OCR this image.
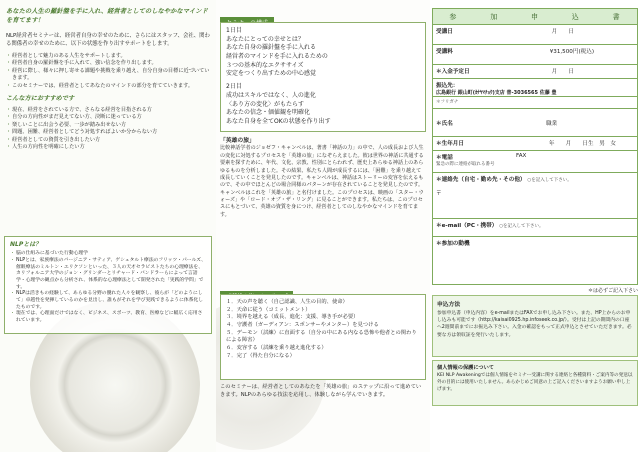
あなたの人生の羅針盤を手に入れ、経営者としてのしなやかなマインドを育てます！
NLP経営者セミナーは、経営者自身の幸せのために、さらにはスタッフ、会社、関わる関係者の幸せのために、以下の状態を作り出すサポートをします。
・ 経営者として魅力のある人生をサポートします。
・ 経営者自身の羅針盤を手に入れて、強い信念を作り出します。
・ 経営に際し、様々に押し寄せる課題や挑戦を乗り越え、自分自身の目標に近づいていきます。
・ このセミナーでは、経営者としてあなたのマインドの部分を育てていきます。
こんな方におすすめです
・ 現在、経営をされている方で、さらなる経営を目指される方
・ 自分の方向性がまだ見えてない方、決断に迷っている方
・ 楽しいことに出会う必要、一歩が踏み出せない方
・ 問題、困難、経営者としてどう対処すればよいか分からない方
・ 経営者としての資質を引き出したい方
・ 人生の方向性を明確にしたい方
NLPとは？
・ 脳の仕組みに基づいた行動心理学
・ NLPとは、家族療法のバージニア・サティア、ゲシュタルト療法のフリッツ・パールズ、催眠療法のミルトン・エリクソンといった、３人の天才セラピストたちの心理療法を、カリフォルニア大学のジョン・グリンダーとリチャード・バンドラーらによって言語学・心理学の観点から分析され、体系的な心理療法として開発された「実践的学問」です。
・ NLPは活きもの経験して、あらゆる分野の優れた人々を観察し、彼らが「どのようにして」卓越性を発揮しているのかを見出し、誰もがそれを学び実践できるように体系化したものです。
・ 現在では、心理面だけではなく、ビジネス、スポーツ、教育、医療などに幅広く応用されています。
1日目
あなたにとっての幸せとは？
あなた自身の羅針盤を手に入れる
経営者のマインドを手に入れるための
３つの基本的なエクササイズ
安定をつくり出すための中心感覚
2日目
成功はスキルではなく、人の進化
〈あり方の変化〉がもたらす
あなたの信念・価値観を明確化
あなた自身を全てOKの状態を作り出す
「英雄の旅」
比較神話学者のジョゼフ・キャンベルは、著書「神話の力」の中で、人の成長および人生の変化に対処するプロセスを「英雄の旅」になぞらえました。彼は世界の神話に共通する要素を探すために、年代、文化、宗教、性別にとらわれず、歴史上あらゆる神話上のあらゆるものを分析しました。その結果、私たち人間が成長するには、「困難」を乗り越えて成長していくことを発見したのです。キャンベルは、神話はストーリーの変容を伝えるもので、その中でほとんどの場合同様のパターンが存在されていることを発見したのです。キャンベルはこれを「英雄の旅」と名付けました。このプロセスは、映画の「スター・ウォーズ」や「ロード・オブ・ザ・リング」に見ることができます。私たちは、このプロセスにもとづいて、英雄の資質を身につけ、経営者としてのしなやかなマインドを育てます。
１．天の声を聴く（自己認識、人生の目的、使命）
２．天命に従う（コミットメント）
３．境界を越える（成長、進化：支援、導き手が必要）
４．守護者（ガーディアン：スポンサーやメンター）を見つける
５．デーモン（試練）に直面する（自分の中にある内なる恐怖や他者との関わりによる障害）
６．変容する（試練を乗り越え進化する）
７．完了（得た自分になる）
このセミナーは、経営者としてのあなたを「英雄の旅」のステップに沿って進めていきます。NLPのあらゆる技法を応用し、体験しながら学んでいきます。
参	加	申	込	書
受講日	月　　日
受講料	¥31,500円(税込)
＊入金予定日	月　　日
振込先：
広島銀行 銀山町(ｶﾅﾔﾏﾁｮｳ)支店 普-3036565 佐藤 豊
＊フリガナ
＊氏名	職業
＊生年月日	年　　月　　日生　男　女
＊電話	FAX
緊急の際に連絡が取れる番号
＊連絡先（自宅・勤め先・その他） ○を記入して下さい。
〒
＊e-mail（PC・携帯） ○を記入して下さい。
＊参加の動機
＊は必ずご記入下さい
申込方法
参加申込書（申込内容）をe-mailまたはFAXでお申し込み下さい。また、HP上からのお申し込みも可能です（http://kaisai0925.hp.infoseek.co.jp/）。受付は上記の期間内の口座へ2週間前までにお振込み下さい。入金の確認をもって正式申込とさせていただきます。必要な方は領収証を発行いたします。
個人情報の保護について
KEI NLP Awakeningでは個人情報をセミナー受講に関する連絡と各種資料・ご案内等の発送以外の目的には使用いたしません。あらかじめご同意の上ご記入くださいますようお願い申し上げます。
